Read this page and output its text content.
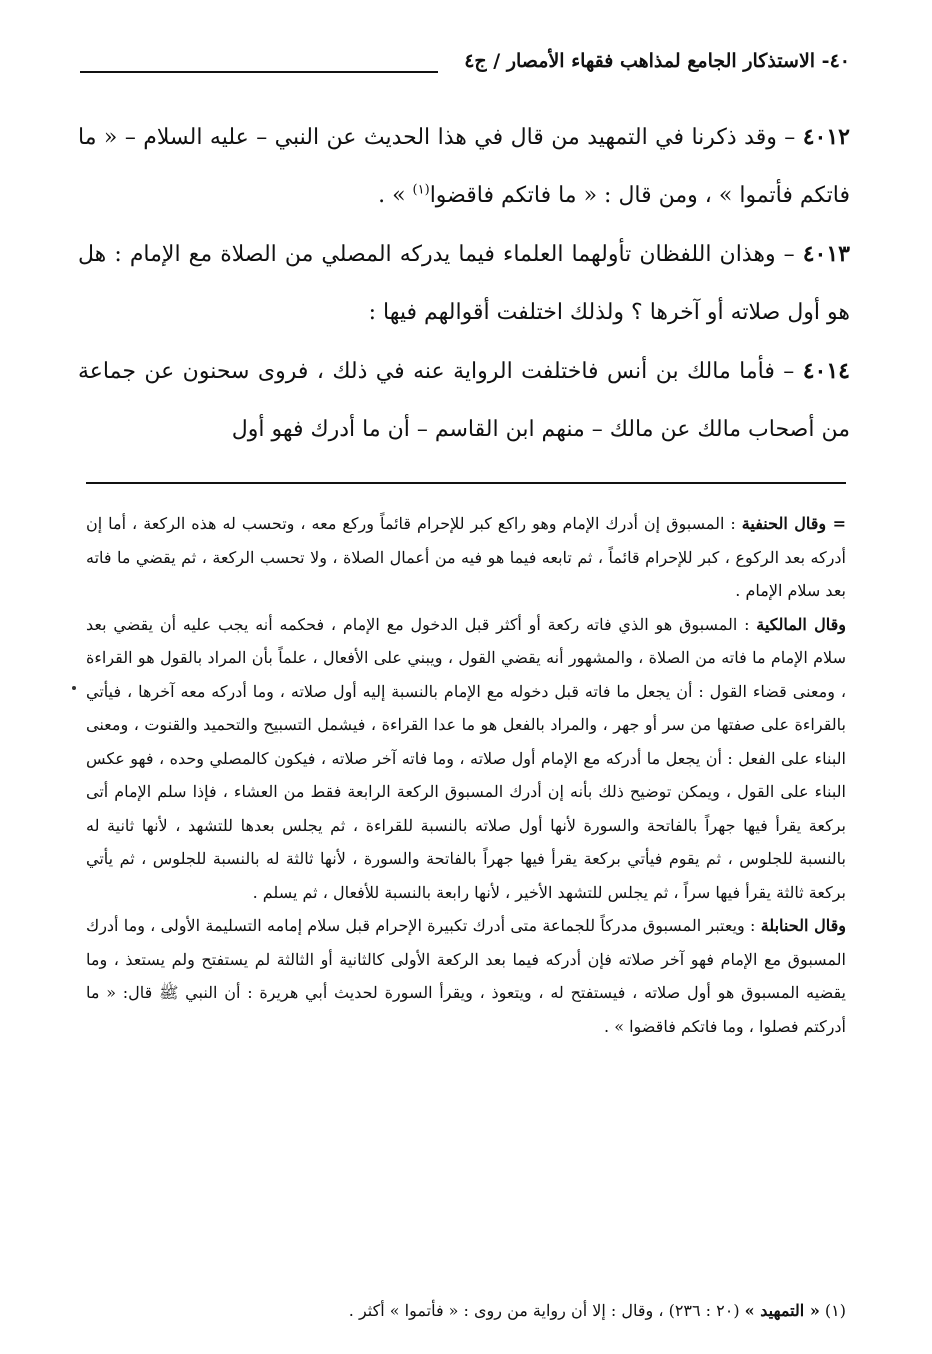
٤٠- الاستذكار الجامع لمذاهب فقهاء الأمصار / ج٤

٤٠١٢ – وقد ذكرنا في التمهيد من قال في هذا الحديث عن النبي – عليه السلام – « ما فاتكم فأتموا » ، ومن قال : « ما فاتكم فاقضوا$^{(١)}$ » .

٤٠١٣ – وهذان اللفظان تأولهما العلماء فيما يدركه المصلي من الصلاة مع الإمام : هل هو أول صلاته أو آخرها ؟ ولذلك اختلفت أقوالهم فيها :

٤٠١٤ – فأما مالك بن أنس فاختلفت الرواية عنه في ذلك ، فروى سحنون عن جماعة من أصحاب مالك عن مالك – منهم ابن القاسم – أن ما أدرك فهو أول

= وقال الحنفية : المسبوق إن أدرك الإمام وهو راكع كبر للإحرام قائماً وركع معه ، وتحسب له هذه الركعة ، أما إن أدركه بعد الركوع ، كبر للإحرام قائماً ، ثم تابعه فيما هو فيه من أعمال الصلاة ، ولا تحسب الركعة ، ثم يقضي ما فاته بعد سلام الإمام .

وقال المالكية : المسبوق هو الذي فاته ركعة أو أكثر قبل الدخول مع الإمام ، فحكمه أنه يجب عليه أن يقضي بعد سلام الإمام ما فاته من الصلاة ، والمشهور أنه يقضي القول ، ويبني على الأفعال ، علماً بأن المراد بالقول هو القراءة ، ومعنى قضاء القول : أن يجعل ما فاته قبل دخوله مع الإمام بالنسبة إليه أول صلاته ، وما أدركه معه آخرها ، فيأتي بالقراءة على صفتها من سر أو جهر ، والمراد بالفعل هو ما عدا القراءة ، فيشمل التسبيح والتحميد والقنوت ، ومعنى البناء على الفعل : أن يجعل ما أدركه مع الإمام أول صلاته ، وما فاته آخر صلاته ، فيكون كالمصلي وحده ، فهو عكس البناء على القول ، ويمكن توضيح ذلك بأنه إن أدرك المسبوق الركعة الرابعة فقط من العشاء ، فإذا سلم الإمام أتى بركعة يقرأ فيها جهراً بالفاتحة والسورة لأنها أول صلاته بالنسبة للقراءة ، ثم يجلس بعدها للتشهد ، لأنها ثانية له بالنسبة للجلوس ، ثم يقوم فيأتي بركعة يقرأ فيها جهراً بالفاتحة والسورة ، لأنها ثالثة له بالنسبة للجلوس ، ثم يأتي بركعة ثالثة يقرأ فيها سراً ، ثم يجلس للتشهد الأخير ، لأنها رابعة بالنسبة للأفعال ، ثم يسلم .

وقال الحنابلة : ويعتبر المسبوق مدركاً للجماعة متى أدرك تكبيرة الإحرام قبل سلام إمامه التسليمة الأولى ، وما أدرك المسبوق مع الإمام فهو آخر صلاته فإن أدركه فيما بعد الركعة الأولى كالثانية أو الثالثة لم يستفتح ولم يستعذ ، وما يقضيه المسبوق هو أول صلاته ، فيستفتح له ، ويتعوذ ، ويقرأ السورة لحديث أبي هريرة : أن النبي ﷺ قال: « ما أدركتم فصلوا ، وما فاتكم فاقضوا » .

(١) « التمهيد » (٢٠ : ٢٣٦) ، وقال : إلا أن رواية من روى : « فأتموا » أكثر .
